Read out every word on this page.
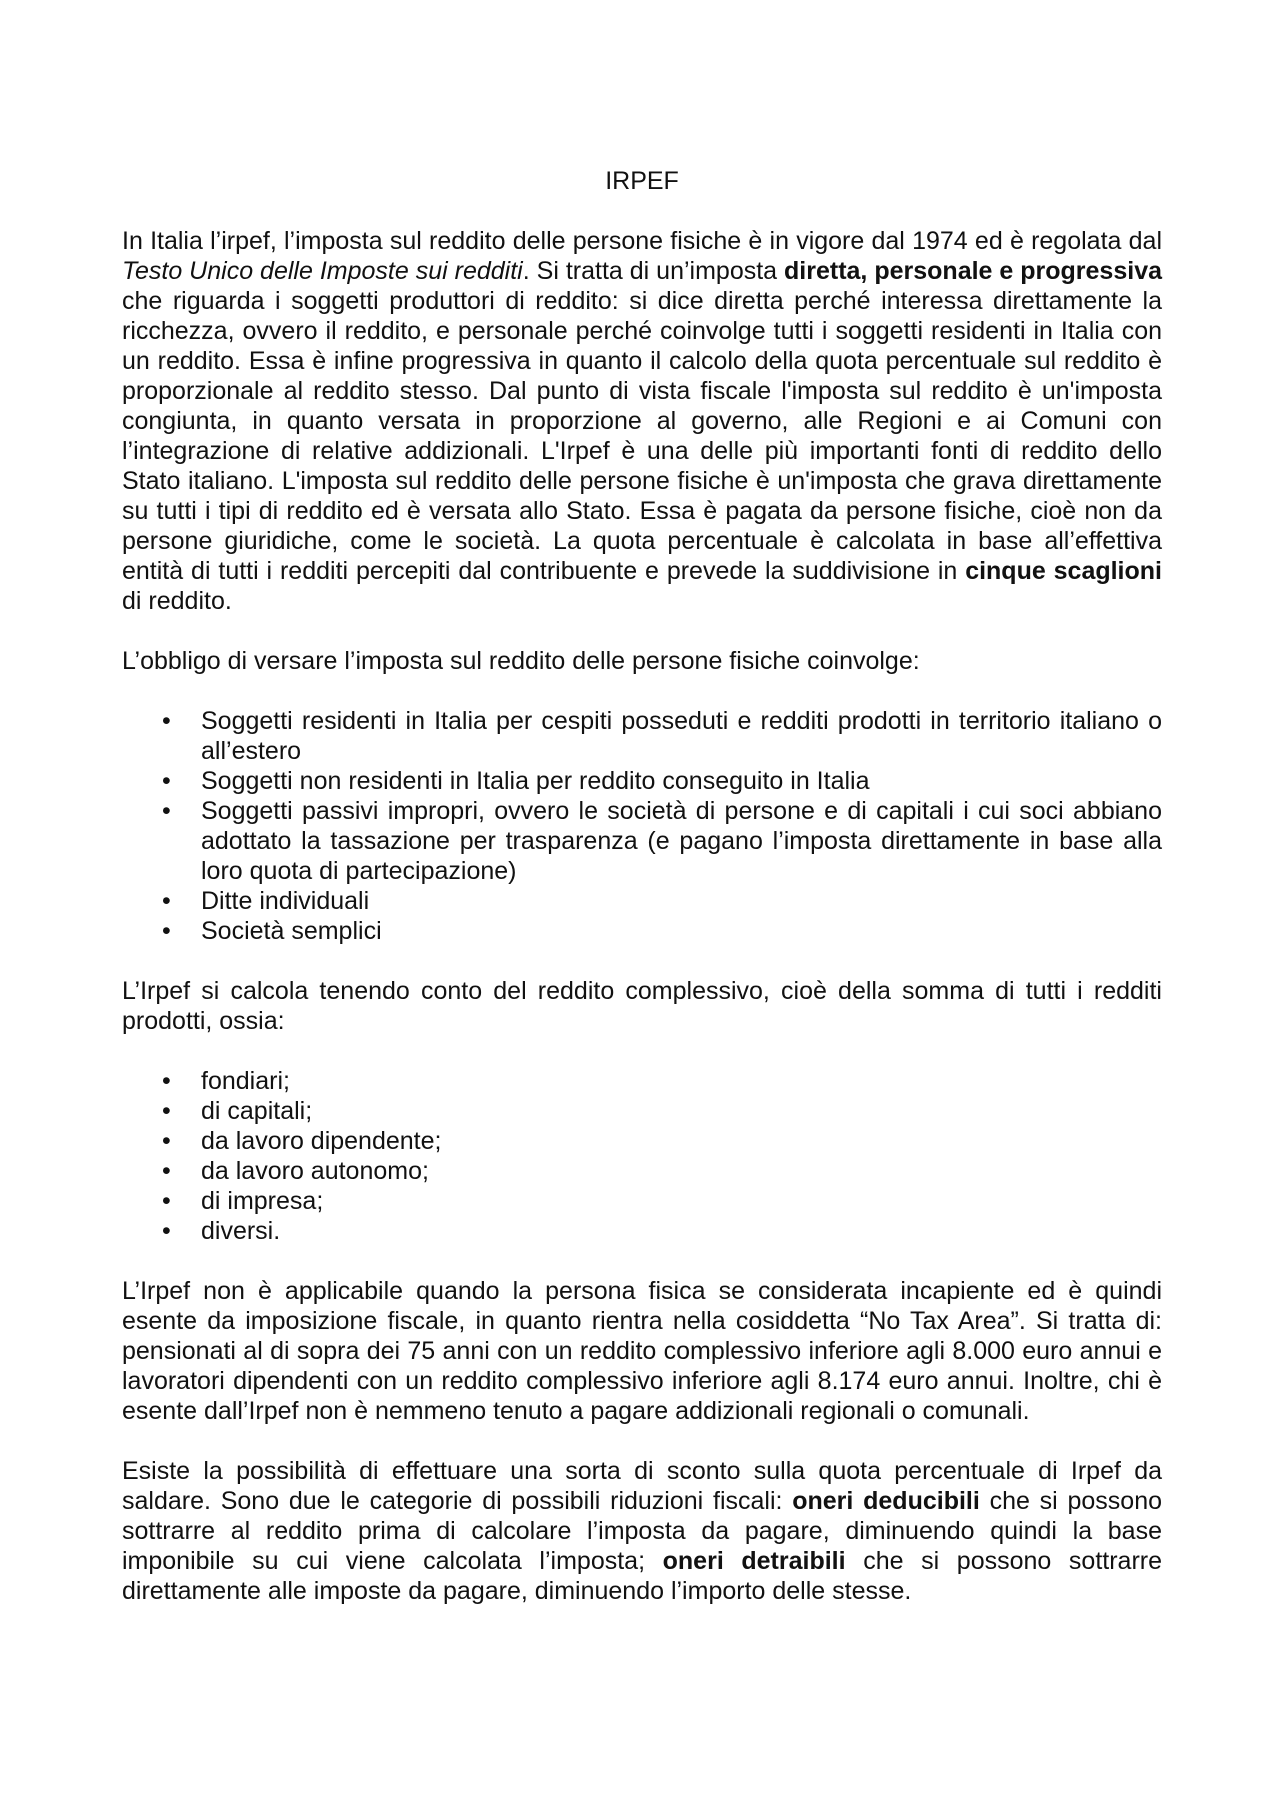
IRPEF

In Italia l’irpef, l’imposta sul reddito delle persone fisiche è in vigore dal 1974 ed è regolata dal Testo Unico delle Imposte sui redditi. Si tratta di un’imposta diretta, personale e progressiva che riguarda i soggetti produttori di reddito: si dice diretta perché interessa direttamente la ricchezza, ovvero il reddito, e personale perché coinvolge tutti i soggetti residenti in Italia con un reddito. Essa è infine progressiva in quanto il calcolo della quota percentuale sul reddito è proporzionale al reddito stesso. Dal punto di vista fiscale l'imposta sul reddito è un'imposta congiunta, in quanto versata in proporzione al governo, alle Regioni e ai Comuni con l’integrazione di relative addizionali. L'Irpef è una delle più importanti fonti di reddito dello Stato italiano. L'imposta sul reddito delle persone fisiche è un'imposta che grava direttamente su tutti i tipi di reddito ed è versata allo Stato. Essa è pagata da persone fisiche, cioè non da persone giuridiche, come le società. La quota percentuale è calcolata in base all’effettiva entità di tutti i redditi percepiti dal contribuente e prevede la suddivisione in cinque scaglioni di reddito.

L’obbligo di versare l’imposta sul reddito delle persone fisiche coinvolge:

•	Soggetti residenti in Italia per cespiti posseduti e redditi prodotti in territorio italiano o all’estero
•	Soggetti non residenti in Italia per reddito conseguito in Italia
•	Soggetti passivi impropri, ovvero le società di persone e di capitali i cui soci abbiano adottato la tassazione per trasparenza (e pagano l’imposta direttamente in base alla loro quota di partecipazione)
•	Ditte individuali
•	Società semplici

L’Irpef si calcola tenendo conto del reddito complessivo, cioè della somma di tutti i redditi prodotti, ossia:

•	fondiari;
•	di capitali;
•	da lavoro dipendente;
•	da lavoro autonomo;
•	di impresa;
•	diversi.

L’Irpef non è applicabile quando la persona fisica se considerata incapiente ed è quindi esente da imposizione fiscale, in quanto rientra nella cosiddetta “No Tax Area”. Si tratta di: pensionati al di sopra dei 75 anni con un reddito complessivo inferiore agli 8.000 euro annui e lavoratori dipendenti con un reddito complessivo inferiore agli 8.174 euro annui. Inoltre, chi è esente dall’Irpef non è nemmeno tenuto a pagare addizionali regionali o comunali.

Esiste la possibilità di effettuare una sorta di sconto sulla quota percentuale di Irpef da saldare. Sono due le categorie di possibili riduzioni fiscali: oneri deducibili che si possono sottrarre al reddito prima di calcolare l’imposta da pagare, diminuendo quindi la base imponibile su cui viene calcolata l’imposta; oneri detraibili che si possono sottrarre direttamente alle imposte da pagare, diminuendo l’importo delle stesse.
